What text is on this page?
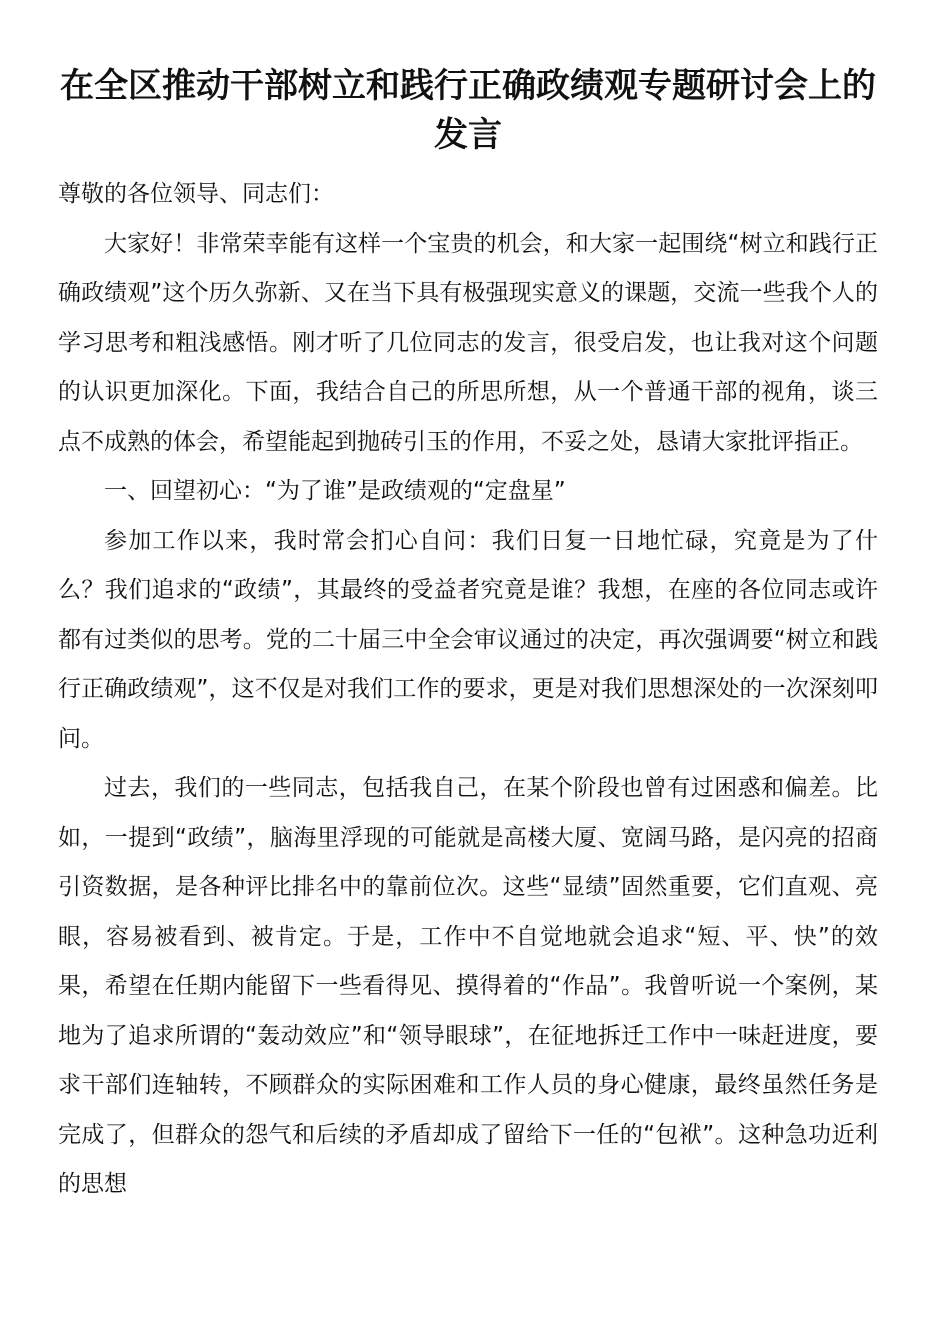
在全区推动干部树立和践行正确政绩观专题研讨会上的发言

尊敬的各位领导、同志们：

大家好！非常荣幸能有这样一个宝贵的机会，和大家一起围绕“树立和践行正确政绩观”这个历久弥新、又在当下具有极强现实意义的课题，交流一些我个人的学习思考和粗浅感悟。刚才听了几位同志的发言，很受启发，也让我对这个问题的认识更加深化。下面，我结合自己的所思所想，从一个普通干部的视角，谈三点不成熟的体会，希望能起到抛砖引玉的作用，不妥之处，恳请大家批评指正。

一、回望初心：“为了谁”是政绩观的“定盘星”

参加工作以来，我时常会扪心自问：我们日复一日地忙碌，究竟是为了什么？我们追求的“政绩”，其最终的受益者究竟是谁？我想，在座的各位同志或许都有过类似的思考。党的二十届三中全会审议通过的决定，再次强调要“树立和践行正确政绩观”，这不仅是对我们工作的要求，更是对我们思想深处的一次深刻叩问。

过去，我们的一些同志，包括我自己，在某个阶段也曾有过困惑和偏差。比如，一提到“政绩”，脑海里浮现的可能就是高楼大厦、宽阔马路，是闪亮的招商引资数据，是各种评比排名中的靠前位次。这些“显绩”固然重要，它们直观、亮眼，容易被看到、被肯定。于是，工作中不自觉地就会追求“短、平、快”的效果，希望在任期内能留下一些看得见、摸得着的“作品”。我曾听说一个案例，某地为了追求所谓的“轰动效应”和“领导眼球”，在征地拆迁工作中一味赶进度，要求干部们连轴转，不顾群众的实际困难和工作人员的身心健康，最终虽然任务是完成了，但群众的怨气和后续的矛盾却成了留给下一任的“包袱”。这种急功近利的思想
